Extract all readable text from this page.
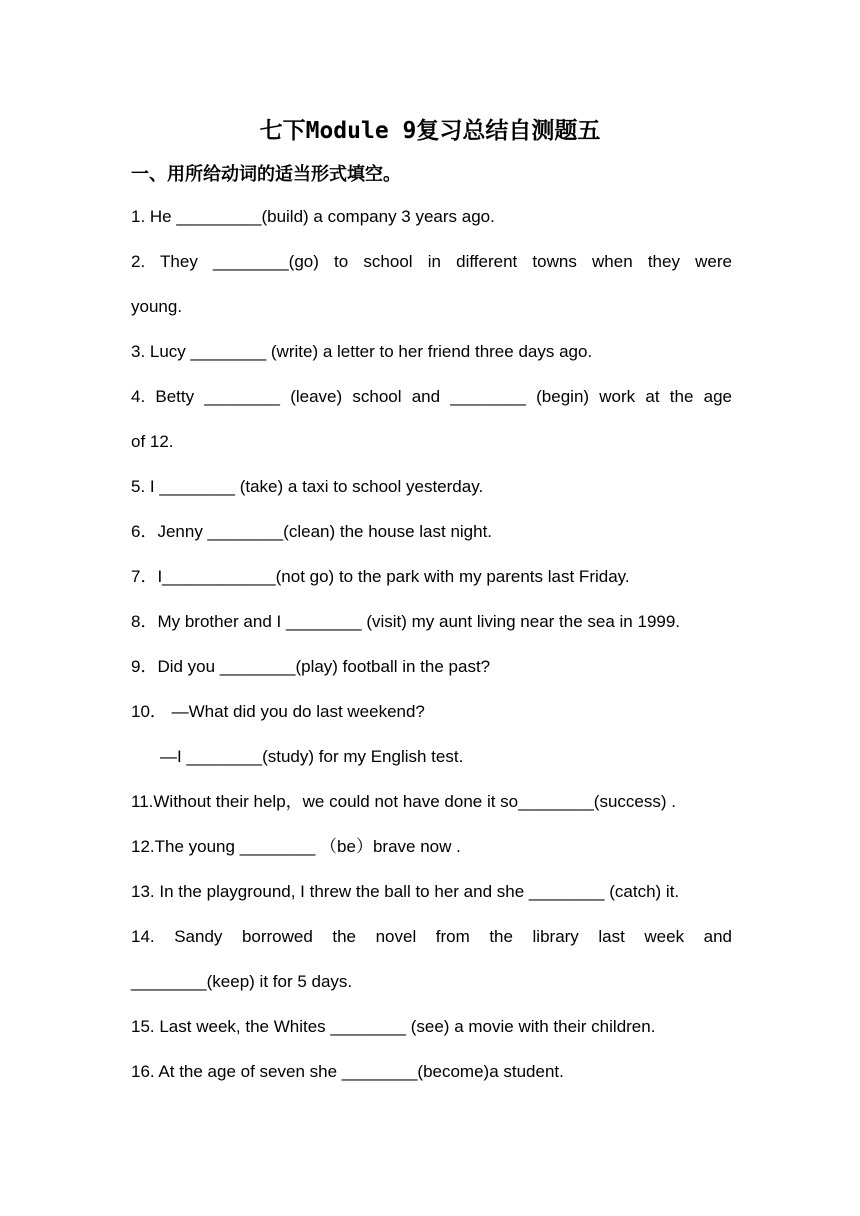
七下Module 9复习总结自测题五
一、用所给动词的适当形式填空。

1. He _________(build) a company 3 years ago.

2. They ________(go) to school in different towns when they were

young.

3. Lucy ________ (write) a letter to her friend three days ago.

4. Betty ________ (leave) school and ________ (begin) work at the age

of 12.

5. I ________ (take) a taxi to school yesterday.

6．Jenny ________(clean) the house last night.

7．I____________(not go) to the park with my parents last Friday.

8．My brother and I ________ (visit) my aunt living near the sea in 1999.

9．Did you ________(play) football in the past?

10． —What did you do last weekend?

—I ________(study) for my English test.

11.Without their help，we could not have done it so________(success) .

12.The young ________ （be）brave now .

13. In the playground, I threw the ball to her and she ________ (catch) it.

14. Sandy borrowed the novel from the library last week and

________(keep) it for 5 days.

15. Last week, the Whites ________ (see) a movie with their children.

16. At the age of seven she ________(become)a student.
